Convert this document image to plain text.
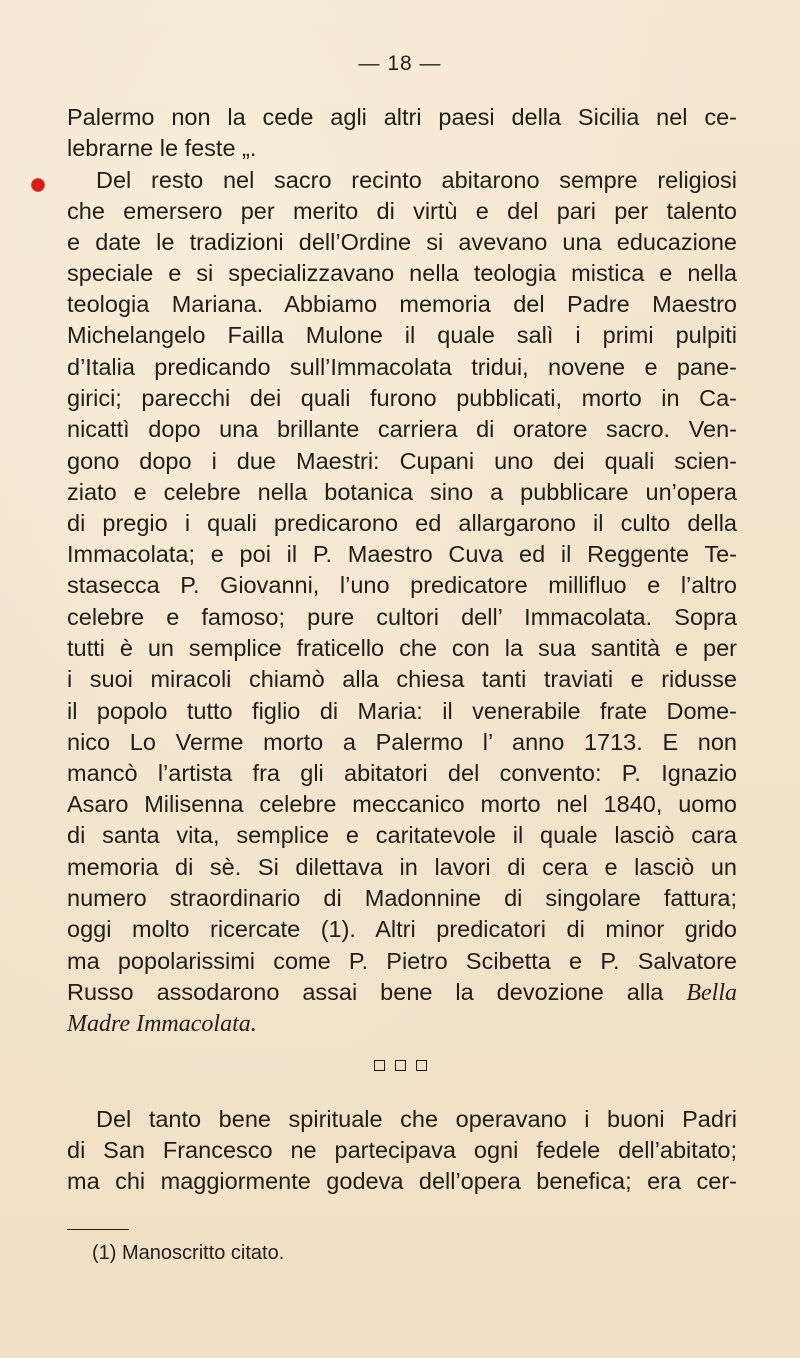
— 18 —
Palermo non la cede agli altri paesi della Sicilia nel ce-
lebrarne le feste „.
Del resto nel sacro recinto abitarono sempre religiosi
che emersero per merito di virtù e del pari per talento
e date le tradizioni dell’Ordine si avevano una educazione
speciale e si specializzavano nella teologia mistica e nella
teologia Mariana. Abbiamo memoria del Padre Maestro
Michelangelo Failla Mulone il quale salì i primi pulpiti
d’Italia predicando sull’Immacolata tridui, novene e pane-
girici; parecchi dei quali furono pubblicati, morto in Ca-
nicattì dopo una brillante carriera di oratore sacro. Ven-
gono dopo i due Maestri: Cupani uno dei quali scien-
ziato e celebre nella botanica sino a pubblicare un’opera
di pregio i quali predicarono ed allargarono il culto della
Immacolata; e poi il P. Maestro Cuva ed il Reggente Te-
stasecca P. Giovanni, l’uno predicatore millifluo e l’altro
celebre e famoso; pure cultori dell’ Immacolata. Sopra
tutti è un semplice fraticello che con la sua santità e per
i suoi miracoli chiamò alla chiesa tanti traviati e ridusse
il popolo tutto figlio di Maria: il venerabile frate Dome-
nico Lo Verme morto a Palermo l’ anno 1713. E non
mancò l’artista fra gli abitatori del convento: P. Ignazio
Asaro Milisenna celebre meccanico morto nel 1840, uomo
di santa vita, semplice e caritatevole il quale lasciò cara
memoria di sè. Si dilettava in lavori di cera e lasciò un
numero straordinario di Madonnine di singolare fattura;
oggi molto ricercate (1). Altri predicatori di minor grido
ma popolarissimi come P. Pietro Scibetta e P. Salvatore
Russo assodarono assai bene la devozione alla Bella
Madre Immacolata.
Del tanto bene spirituale che operavano i buoni Padri
di San Francesco ne partecipava ogni fedele dell’abitato;
ma chi maggiormente godeva dell’opera benefica; era cer-
(1) Manoscritto citato.
